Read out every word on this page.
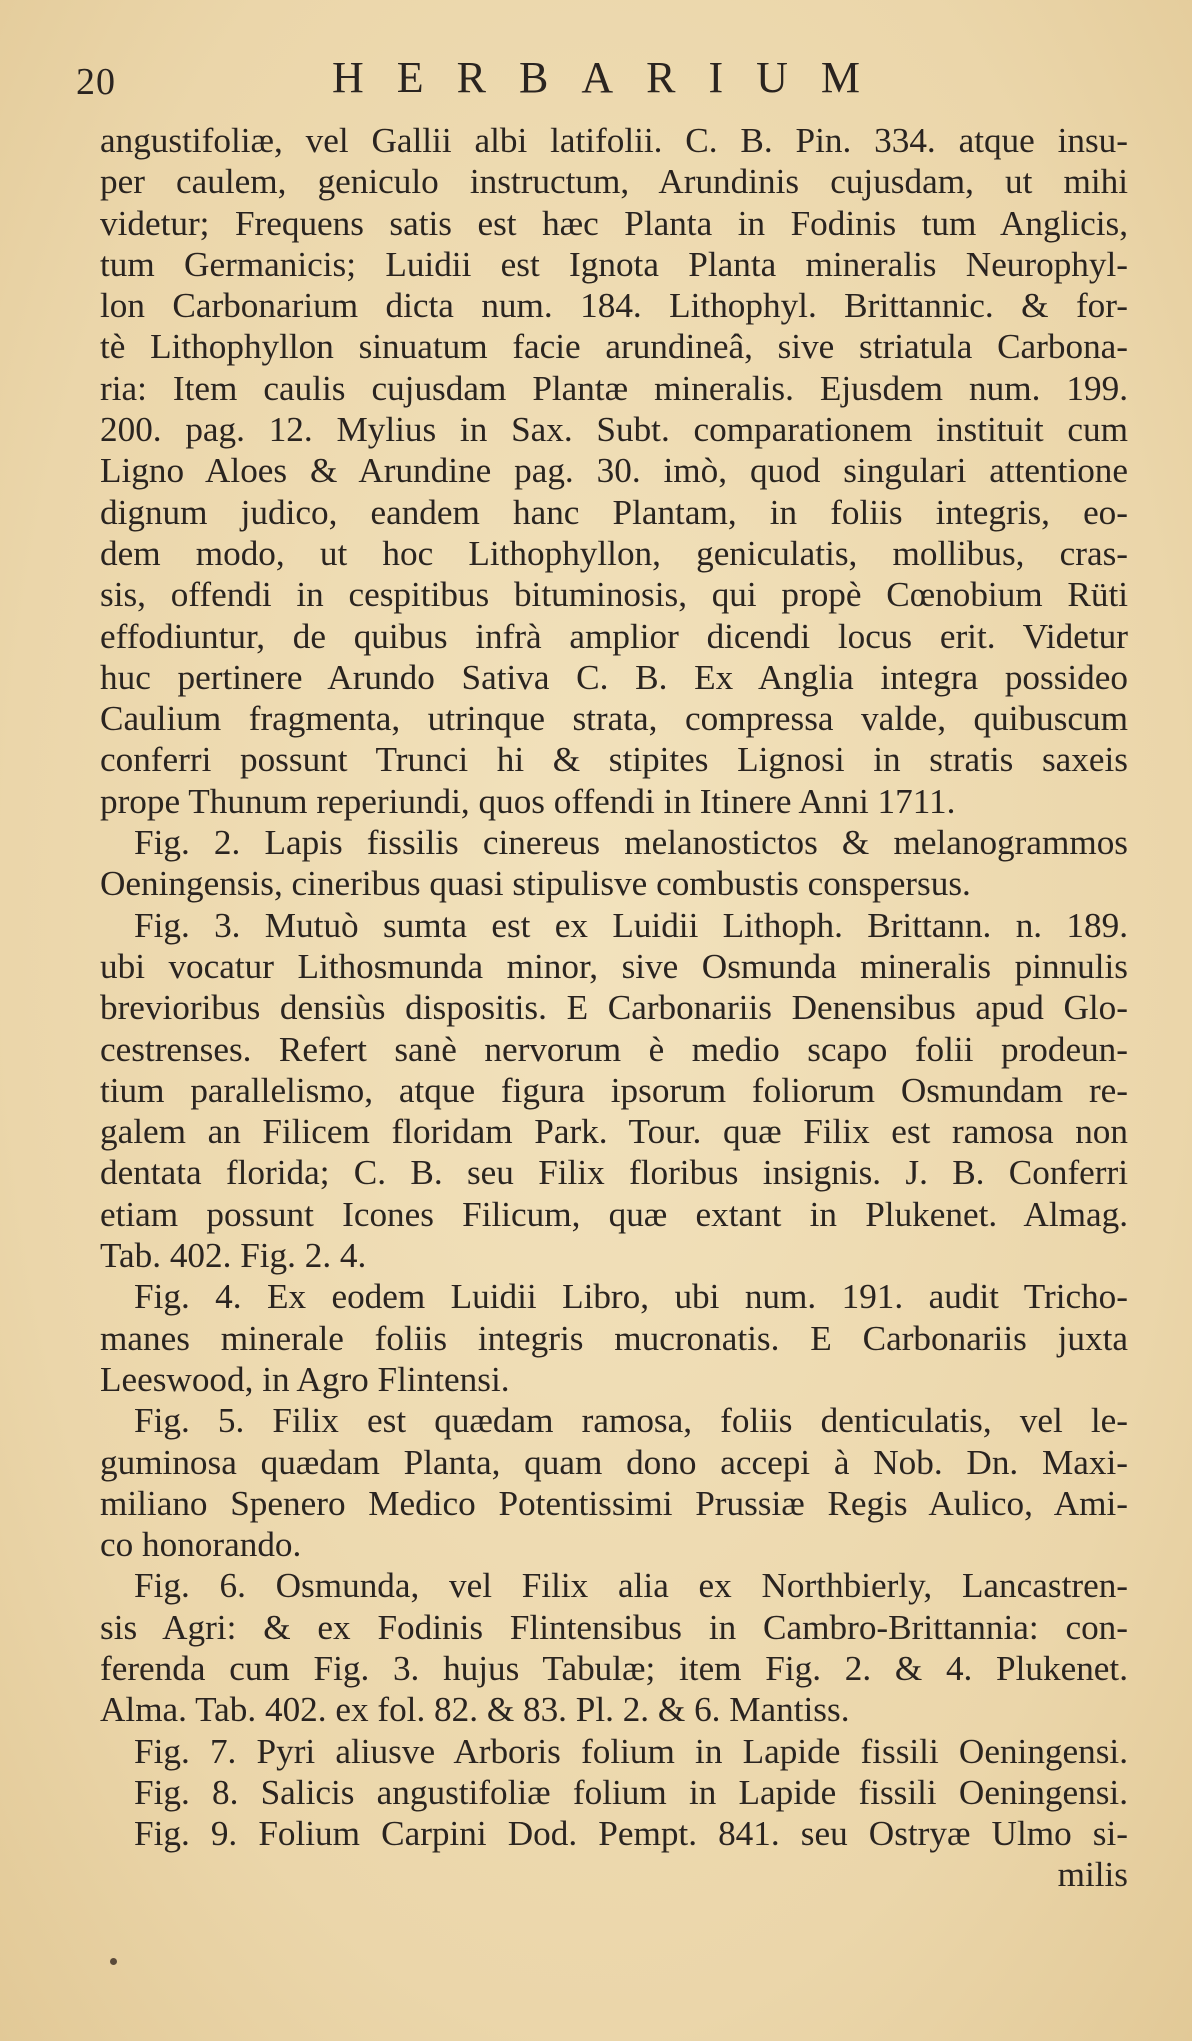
20	HERBARIUM
angustifoliæ, vel Gallii albi latifolii. C. B. Pin. 334. atque insu-
per caulem, geniculo instructum, Arundinis cujusdam, ut mihi
videtur; Frequens satis est hæc Planta in Fodinis tum Anglicis,
tum Germanicis; Luidii est Ignota Planta mineralis Neurophyl-
lon Carbonarium dicta num. 184. Lithophyl. Brittannic. & for-
tè Lithophyllon sinuatum facie arundineâ, sive striatula Carbona-
ria: Item caulis cujusdam Plantæ mineralis. Ejusdem num. 199.
200. pag. 12. Mylius in Sax. Subt. comparationem instituit cum
Ligno Aloes & Arundine pag. 30. imò, quod singulari attentione
dignum judico, eandem hanc Plantam, in foliis integris, eo-
dem modo, ut hoc Lithophyllon, geniculatis, mollibus, cras-
sis, offendi in cespitibus bituminosis, qui propè Cœnobium Rüti
effodiuntur, de quibus infrà amplior dicendi locus erit. Videtur
huc pertinere Arundo Sativa C. B. Ex Anglia integra possideo
Caulium fragmenta, utrinque strata, compressa valde, quibuscum
conferri possunt Trunci hi & stipites Lignosi in stratis saxeis
prope Thunum reperiundi, quos offendi in Itinere Anni 1711.
Fig. 2. Lapis fissilis cinereus melanostictos & melanogrammos
Oeningensis, cineribus quasi stipulisve combustis conspersus.
Fig. 3. Mutuò sumta est ex Luidii Lithoph. Brittann. n. 189.
ubi vocatur Lithosmunda minor, sive Osmunda mineralis pinnulis
brevioribus densiùs dispositis. E Carbonariis Denensibus apud Glo-
cestrenses. Refert sanè nervorum è medio scapo folii prodeun-
tium parallelismo, atque figura ipsorum foliorum Osmundam re-
galem an Filicem floridam Park. Tour. quæ Filix est ramosa non
dentata florida; C. B. seu Filix floribus insignis. J. B. Conferri
etiam possunt Icones Filicum, quæ extant in Plukenet. Almag.
Tab. 402. Fig. 2. 4.
Fig. 4. Ex eodem Luidii Libro, ubi num. 191. audit Tricho-
manes minerale foliis integris mucronatis. E Carbonariis juxta
Leeswood, in Agro Flintensi.
Fig. 5. Filix est quædam ramosa, foliis denticulatis, vel le-
guminosa quædam Planta, quam dono accepi à Nob. Dn. Maxi-
miliano Spenero Medico Potentissimi Prussiæ Regis Aulico, Ami-
co honorando.
Fig. 6. Osmunda, vel Filix alia ex Northbierly, Lancastren-
sis Agri: & ex Fodinis Flintensibus in Cambro-Brittannia: con-
ferenda cum Fig. 3. hujus Tabulæ; item Fig. 2. & 4. Plukenet.
Alma. Tab. 402. ex fol. 82. & 83. Pl. 2. & 6. Mantiss.
Fig. 7. Pyri aliusve Arboris folium in Lapide fissili Oeningensi.
Fig. 8. Salicis angustifoliæ folium in Lapide fissili Oeningensi.
Fig. 9. Folium Carpini Dod. Pempt. 841. seu Ostryæ Ulmo si-
milis
